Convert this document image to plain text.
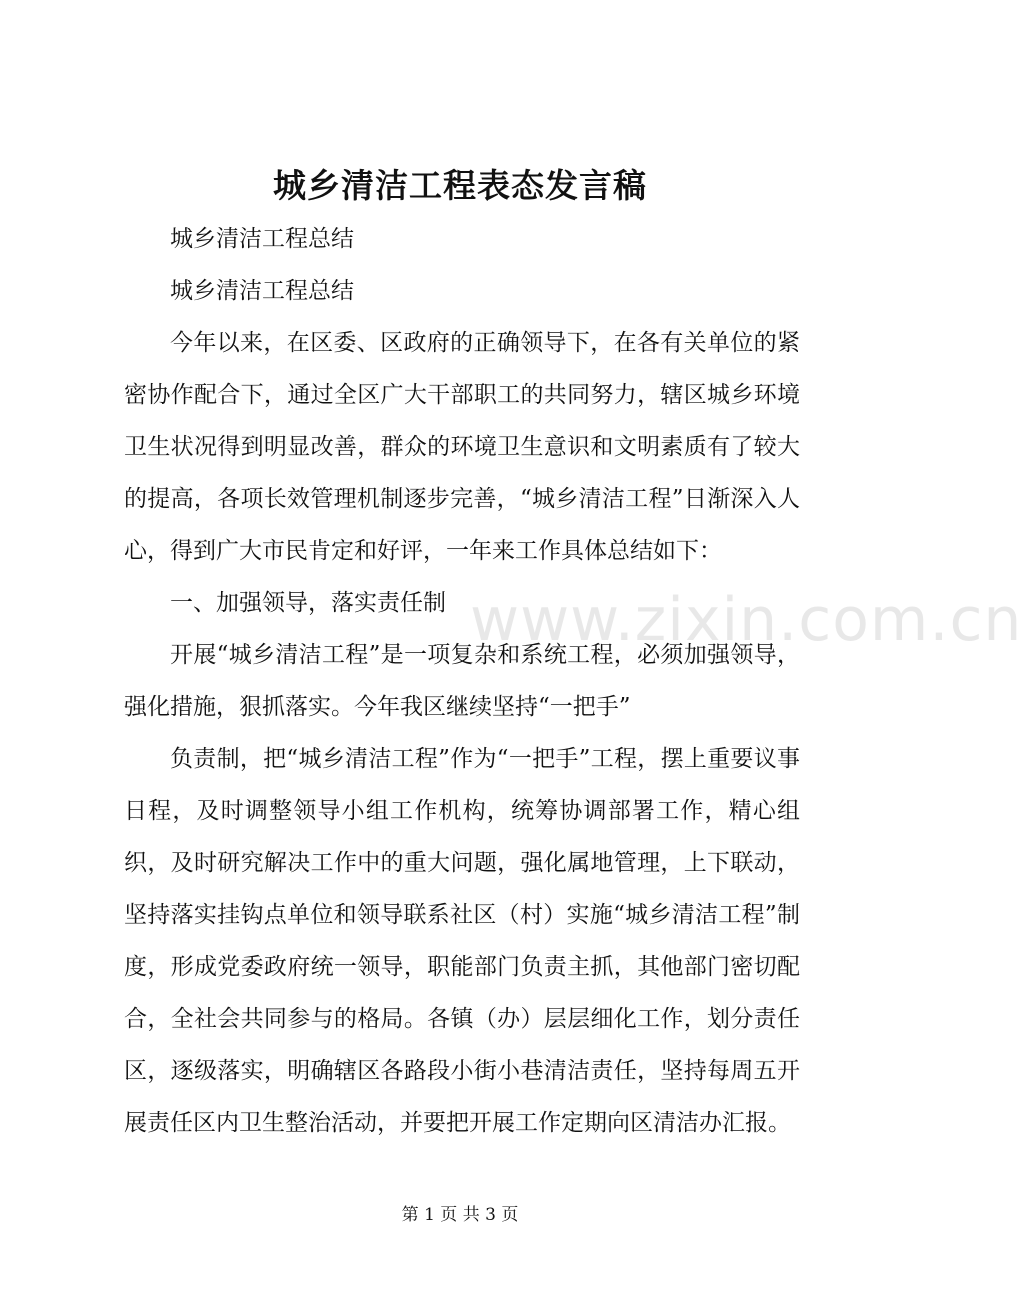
城乡清洁工程表态发言稿

城乡清洁工程总结

城乡清洁工程总结

今年以来，在区委、区政府的正确领导下，在各有关单位的紧密协作配合下，通过全区广大干部职工的共同努力，辖区城乡环境卫生状况得到明显改善，群众的环境卫生意识和文明素质有了较大的提高，各项长效管理机制逐步完善，“城乡清洁工程”日渐深入人心，得到广大市民肯定和好评，一年来工作具体总结如下：

一、加强领导，落实责任制

开展“城乡清洁工程”是一项复杂和系统工程，必须加强领导，强化措施，狠抓落实。今年我区继续坚持“一把手”

负责制，把“城乡清洁工程”作为“一把手”工程，摆上重要议事日程，及时调整领导小组工作机构，统筹协调部署工作，精心组织，及时研究解决工作中的重大问题，强化属地管理，上下联动，坚持落实挂钩点单位和领导联系社区（村）实施“城乡清洁工程”制度，形成党委政府统一领导，职能部门负责主抓，其他部门密切配合，全社会共同参与的格局。各镇（办）层层细化工作，划分责任区，逐级落实，明确辖区各路段小街小巷清洁责任，坚持每周五开展责任区内卫生整治活动，并要把开展工作定期向区清洁办汇报。

www.zixin.com.cn
第 1 页 共 3 页
